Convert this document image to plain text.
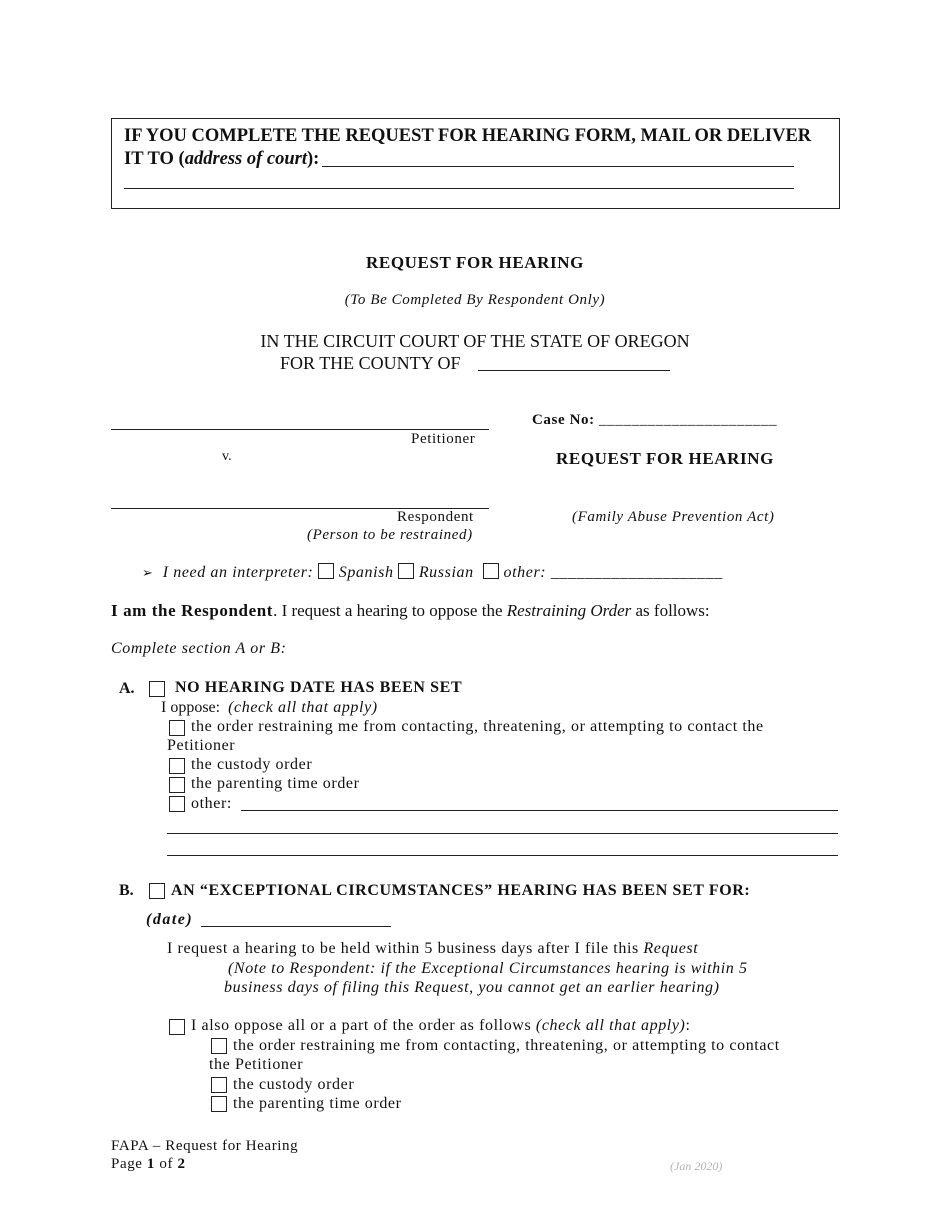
IF YOU COMPLETE THE REQUEST FOR HEARING FORM, MAIL OR DELIVER
IT TO (address of court):
REQUEST FOR HEARING
(To Be Completed By Respondent Only)
IN THE CIRCUIT COURT OF THE STATE OF OREGON
FOR THE COUNTY OF
Petitioner
v.
Respondent
(Person to be restrained)
Case No: ______________________
REQUEST FOR HEARING
(Family Abuse Prevention Act)
➢ I need an interpreter: Spanish Russian other: ____________________
I am the Respondent. I request a hearing to oppose the Restraining Order as follows:
Complete section A or B:
A.	NO HEARING DATE HAS BEEN SET
I oppose: (check all that apply)
the order restraining me from contacting, threatening, or attempting to contact the
Petitioner
the custody order
the parenting time order
other:
B. AN “EXCEPTIONAL CIRCUMSTANCES” HEARING HAS BEEN SET FOR:
(date)
I request a hearing to be held within 5 business days after I file this Request
(Note to Respondent: if the Exceptional Circumstances hearing is within 5
business days of filing this Request, you cannot get an earlier hearing)
I also oppose all or a part of the order as follows (check all that apply):
the order restraining me from contacting, threatening, or attempting to contact
the Petitioner
the custody order
the parenting time order
FAPA – Request for Hearing
Page 1 of 2	(Jan 2020)
